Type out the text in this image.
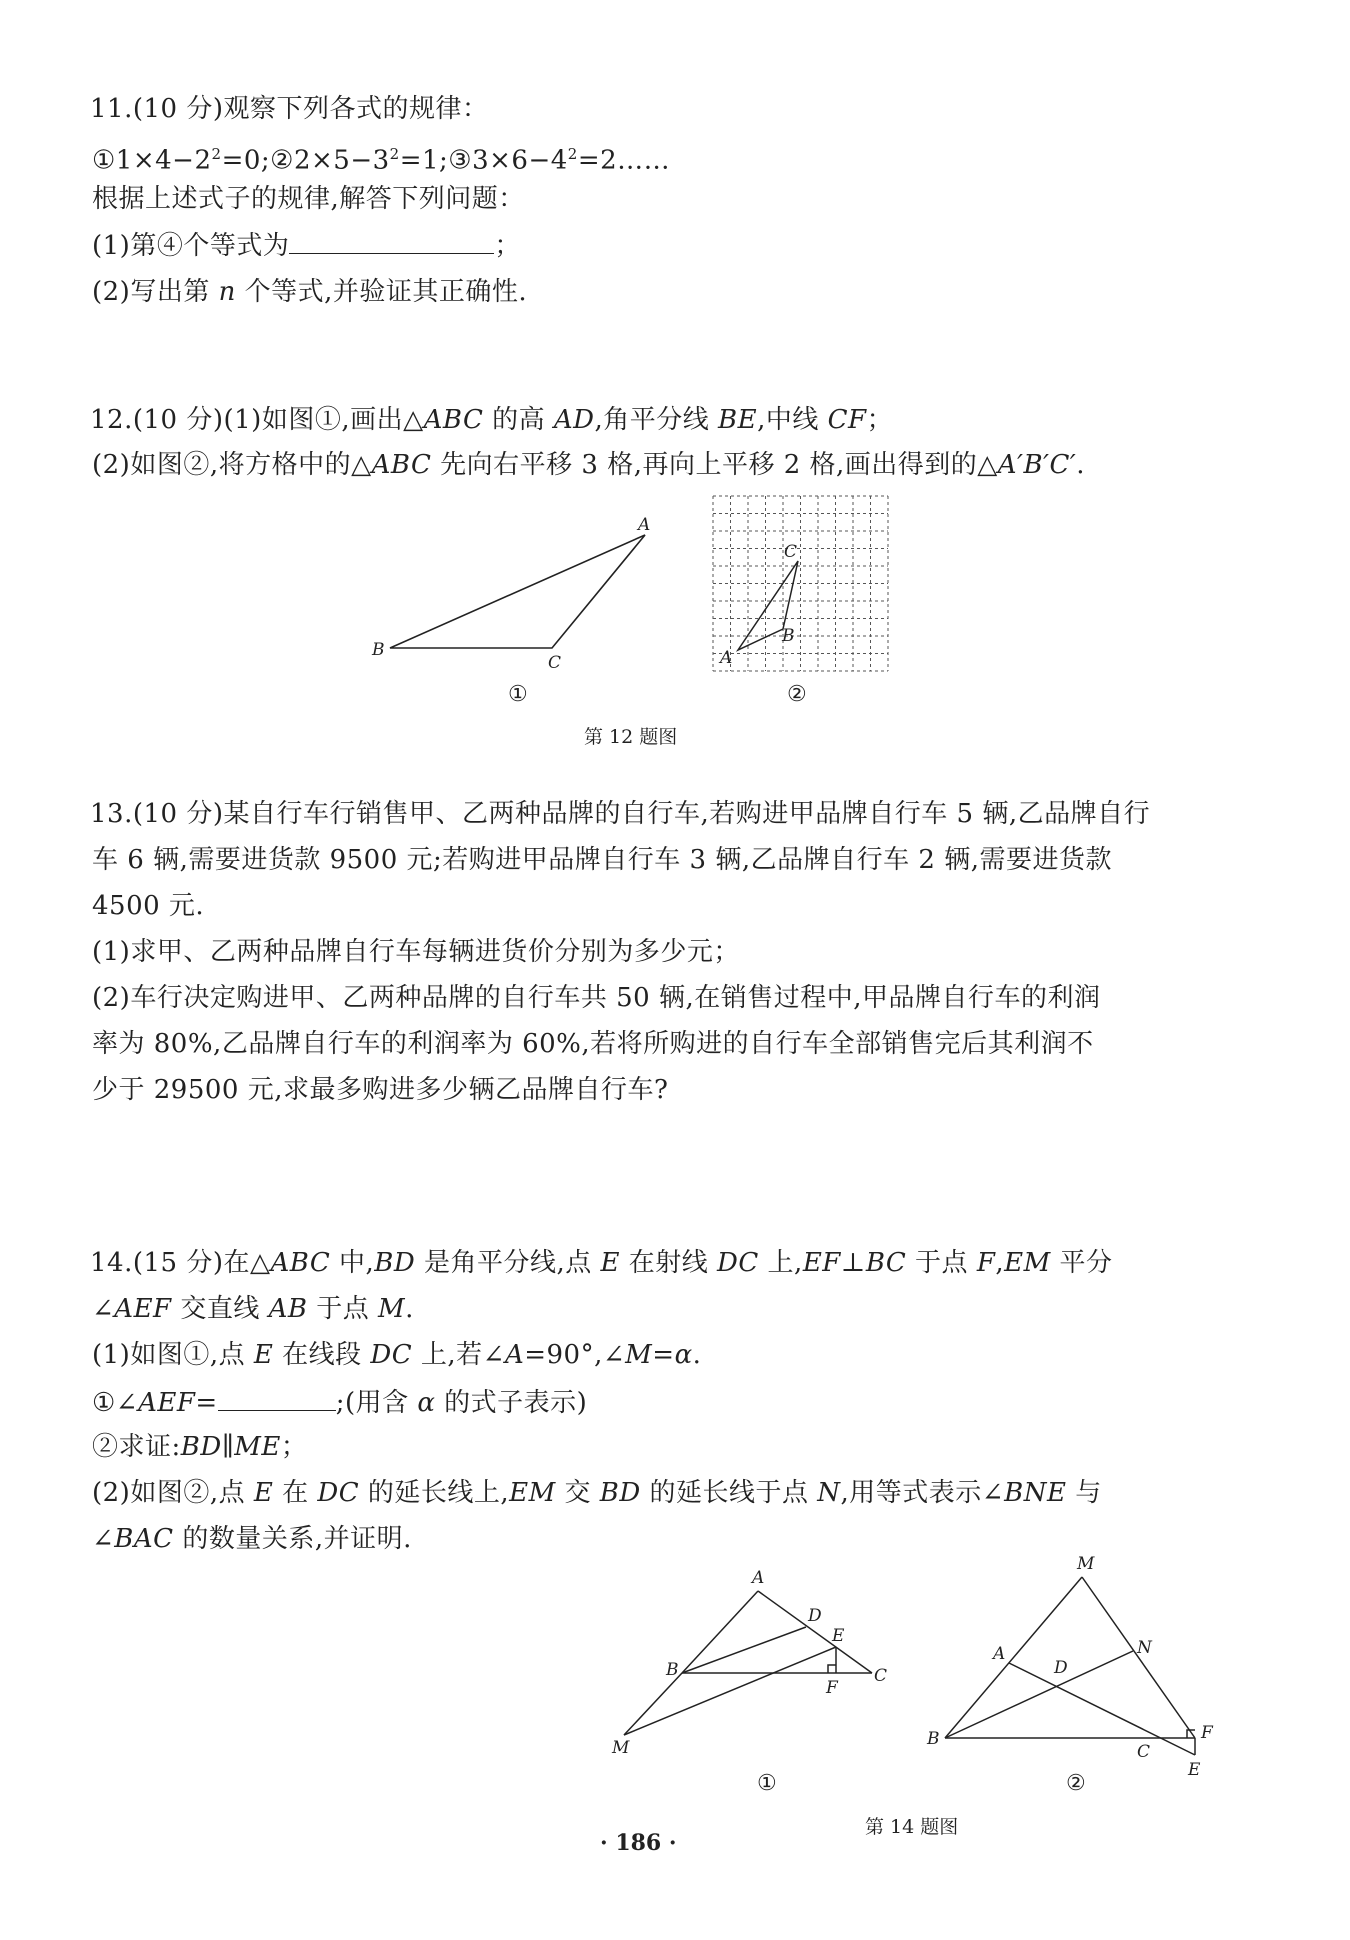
11.(10 分)观察下列各式的规律：
$①1\times 4-2^2=0;②2\times 5-3^2=1;③3\times 6-4^2=2\dots\dots$
根据上述式子的规律,解答下列问题：
(1)第④个等式为	；
(2)写出第 n 个等式,并验证其正确性.
12.(10 分)(1)如图①,画出△ABC 的高 AD,角平分线 BE,中线 CF；
(2)如图②,将方格中的△ABC 先向右平移 3 格,再向上平移 2 格,画出得到的△A′B′C′.
A
B
C
①
C
B
A
②
第 12 题图
13.(10 分)某自行车行销售甲、乙两种品牌的自行车,若购进甲品牌自行车 5 辆,乙品牌自行
车 6 辆,需要进货款 9500 元;若购进甲品牌自行车 3 辆,乙品牌自行车 2 辆,需要进货款
4500 元.
(1)求甲、乙两种品牌自行车每辆进货价分别为多少元；
(2)车行决定购进甲、乙两种品牌的自行车共 50 辆,在销售过程中,甲品牌自行车的利润
率为 80%,乙品牌自行车的利润率为 60%,若将所购进的自行车全部销售完后其利润不
少于 29500 元,求最多购进多少辆乙品牌自行车?
14.(15 分)在△ABC 中,BD 是角平分线,点 E 在射线 DC 上,EF⊥BC 于点 F,EM 平分
∠AEF 交直线 AB 于点 M.
(1)如图①,点 E 在线段 DC 上,若∠A=90°,∠M=α.
①∠AEF=	;(用含 α 的式子表示)
②求证:BD∥ME；
(2)如图②,点 E 在 DC 的延长线上,EM 交 BD 的延长线于点 N,用等式表示∠BNE 与
∠BAC 的数量关系,并证明.
A
D
E
B	C
F
M
①
M
N
A
D
B
C
F
E
②
第 14 题图
· 186 ·
